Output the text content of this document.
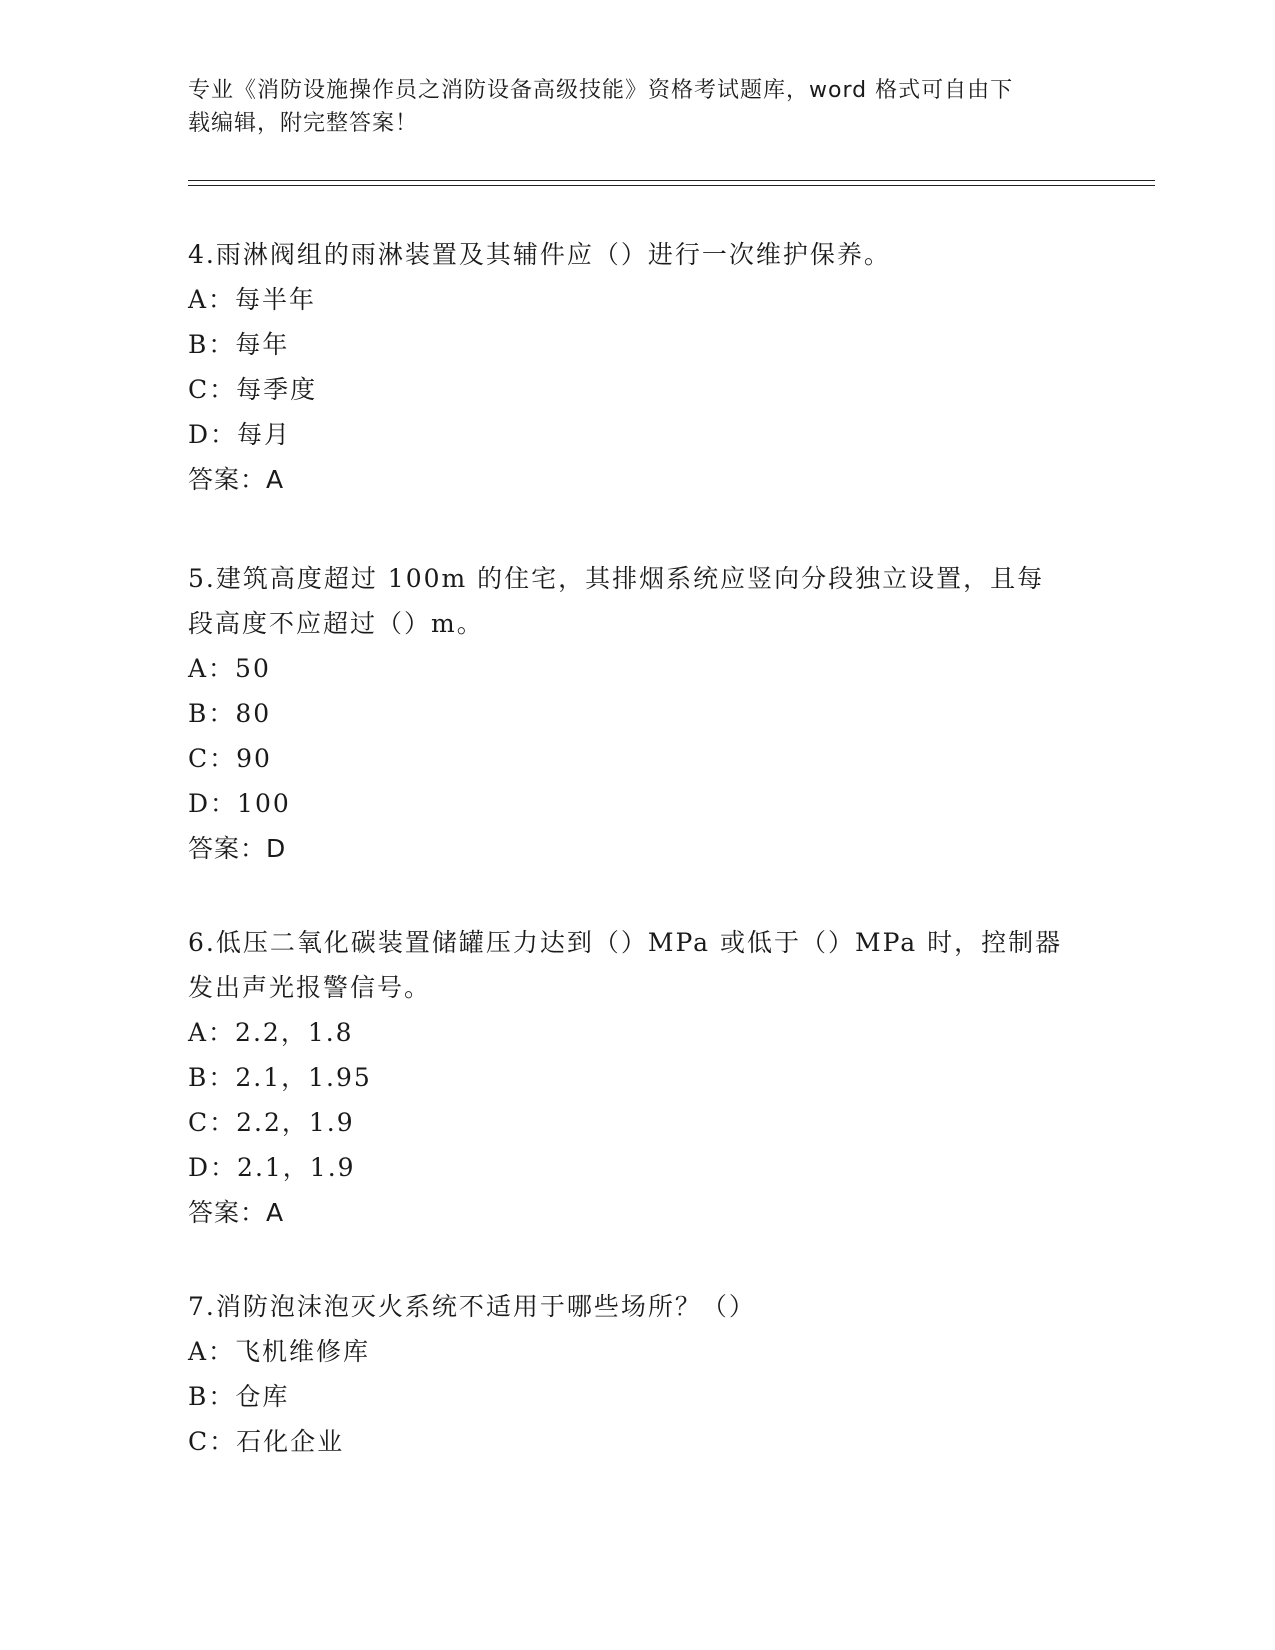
专业《消防设施操作员之消防设备高级技能》资格考试题库，word 格式可自由下
载编辑，附完整答案！

4.雨淋阀组的雨淋装置及其辅件应（）进行一次维护保养。

A：每半年

B：每年

C：每季度

D：每月

答案：A

5.建筑高度超过 100m 的住宅，其排烟系统应竖向分段独立设置，且每

段高度不应超过（）m。

A：50

B：80

C：90

D：100

答案：D

6.低压二氧化碳装置储罐压力达到（）MPa 或低于（）MPa 时，控制器

发出声光报警信号。

A：2.2，1.8

B：2.1，1.95

C：2.2，1.9

D：2.1，1.9

答案：A

7.消防泡沫泡灭火系统不适用于哪些场所？（）

A：飞机维修库

B：仓库

C：石化企业
